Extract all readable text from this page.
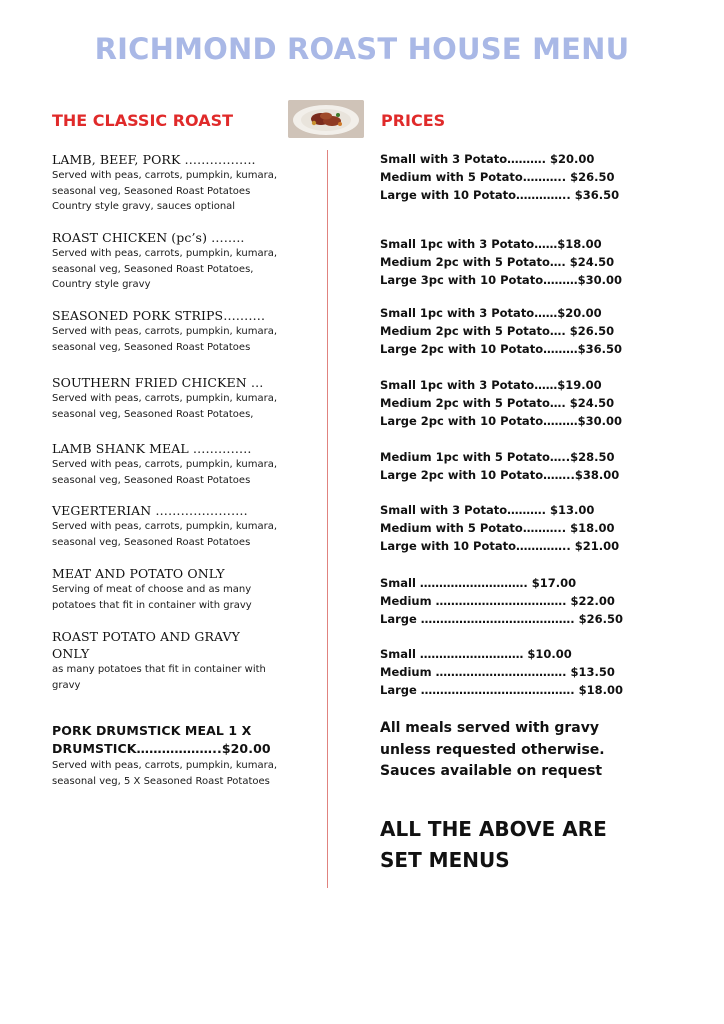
RICHMOND ROAST HOUSE MENU
THE CLASSIC ROAST	PRICES
LAMB, BEEF, PORK ……………..
Served with peas, carrots, pumpkin, kumara,
seasonal veg, Seasoned Roast Potatoes
Country style gravy, sauces optional
ROAST CHICKEN (pc’s) ……..
Served with peas, carrots, pumpkin, kumara,
seasonal veg, Seasoned Roast Potatoes,
Country style gravy
SEASONED PORK STRIPS……….
Served with peas, carrots, pumpkin, kumara,
seasonal veg, Seasoned Roast Potatoes
SOUTHERN FRIED CHICKEN …
Served with peas, carrots, pumpkin, kumara,
seasonal veg, Seasoned Roast Potatoes,
LAMB SHANK MEAL …………..
Served with peas, carrots, pumpkin, kumara,
seasonal veg, Seasoned Roast Potatoes
VEGERTERIAN ………………….
Served with peas, carrots, pumpkin, kumara,
seasonal veg, Seasoned Roast Potatoes
MEAT AND POTATO ONLY
Serving of meat of choose and as many
potatoes that fit in container with gravy
ROAST POTATO AND GRAVY ONLY
as many potatoes that fit in container with
gravy
PORK DRUMSTICK MEAL 1 X DRUMSTICK………………..$20.00
Served with peas, carrots, pumpkin, kumara,
seasonal veg, 5 X Seasoned Roast Potatoes
Small with 3 Potato………. $20.00
Medium with 5 Potato……….. $26.50
Large with 10 Potato………….. $36.50
Small 1pc with 3 Potato……$18.00
Medium 2pc with 5 Potato…. $24.50
Large 3pc with 10 Potato………$30.00
Small 1pc with 3 Potato……$20.00
Medium 2pc with 5 Potato…. $26.50
Large 2pc with 10 Potato………$36.50
Small 1pc with 3 Potato……$19.00
Medium 2pc with 5 Potato…. $24.50
Large 2pc with 10 Potato………$30.00
Medium 1pc with 5 Potato…..$28.50
Large 2pc with 10 Potato……..$38.00
Small with 3 Potato………. $13.00
Medium with 5 Potato……….. $18.00
Large with 10 Potato………….. $21.00
Small ………………………. $17.00
Medium ……………………………. $22.00
Large …………………………………. $26.50
Small ……………………… $10.00
Medium ……………………………. $13.50
Large …………………………………. $18.00
All meals served with gravy unless requested otherwise. Sauces available on request
ALL THE ABOVE ARE SET MENUS
